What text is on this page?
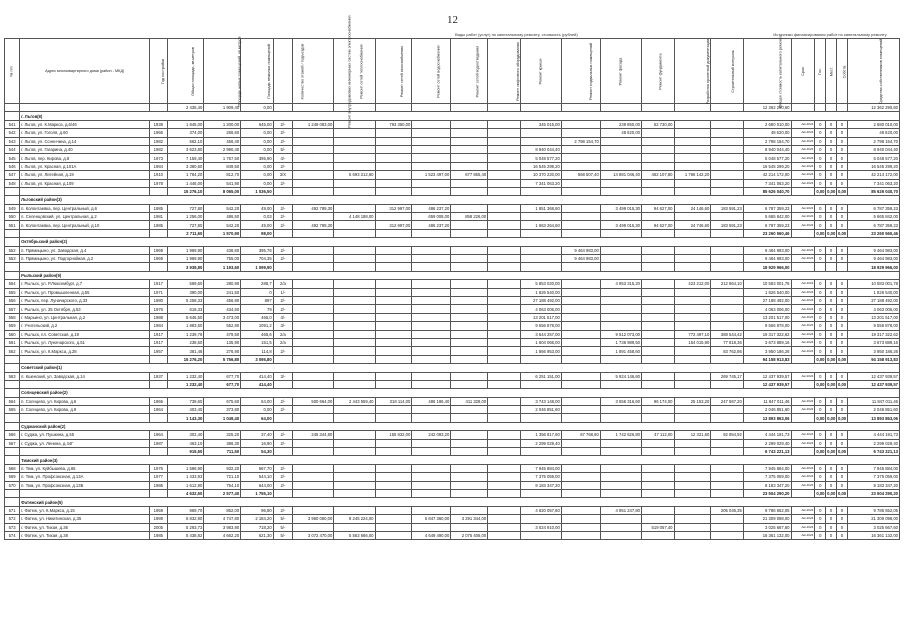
12
Виды работ (услуг) по капитальному ремонту, стоимость (рублей)	Источники финансирования работ по капитальному ремонту
№ п/п	Адрес многоквартирного дома (район - МКД)	Год постройки	Общая площадь, кв.метров	Площадь жилых помещений, кв.метров	Площадь нежилых помещений	Количество этажей / подъездов	Ремонт внутридомовых инженерных систем электроснабжения	Ремонт сетей теплоснабжения	Ремонт сетей газоснабжения	Ремонт сетей водоснабжения	Ремонт сетей водоотведения	Ремонт лифтового оборудования	Ремонт крыши	Ремонт подвальных помещений	Ремонт фасада	Ремонт фундамента	Разработка проектной документации	Строительный контроль	Общая стоимость капитального ремонта	Срок	Гос.	Мест.	Собств.	Средства собственников помещений
			2 435,40	1 909,40	0,00														12 362 290,60					12 362 290,60
	г. Льгов(8)																							
541	г. Льгов, ул. К.Маркса, д.6/46	1938	1 845,00	1 200,00	645,00	2/-	1 249 083,00		793 350,00				345 015,00		239 850,00	52 730,00			2 680 010,00	Авг.2024	0	0	0	2 680 010,00
542	г. Льгов, ул. Гоголя, д.60	1966	374,00	266,60	0,00	2/-									48 620,00				48 620,00	Авг.2024	0	0	0	48 620,00
543	г. Льгов, ул. Ссненчина, д.14	1982	562,10	456,40	0,00	2/-								2 798 154,70					2 798 154,70	Авг.2024	0	0	0	2 798 154,70
544	г. Льгов, ул. Гагарина, д.40	1982	3 623,80	2 990,40	0,00	5/-							8 940 044,40						8 940 044,40	Авг.2024	0	0	0	8 940 044,40
545	г. Льгов, пер. Кирова, д.8	1973	7 159,40	1 767,50	395,90	4/-							5 048 577,20						5 048 577,20	Авг.2024	0	0	0	5 048 577,20
546	г. Льгов, ул. Красная, д.101А	1984	3 380,60	849,50	0,00	2/-							16 545 299,20						16 545 299,20	Авг.2024	0	0	0	16 545 299,20
547	г. Льгов, ул. Литейная, д.19	1910	1 784,20	812,70	0,00	3/X		5 693 212,60		1 523 497,00	677 855,40		10 370 220,00	568 507,40	14 881 046,40	462 107,80	1 766 142,20		42 214 172,00	Авг.2024	0	0	0	42 214 172,00
548	г. Льгов, ул. Красная, д.109	1978	1 446,00	541,90	0,00	2/-							7 341 063,20						7 341 063,20	Авг.2024	0	0	0	7 341 063,20
			15 276,10	8 065,00	1 036,50														85 626 040,70		0,00	0,00	0,00	85 626 040,70
	Льговский район(3)																							
549	п. Колонтаевка, пер. Центральный, д.6	1985	727,80	542,20	49,00	2/-	492 789,30		312 997,00	486 237,20			1 851 368,60		3 499 015,30	94 627,00	24 146,60	183 591,23	6 787 359,23	Авг.2024	0	0	0	6 787 359,23
550	п. Селенцовский, ул. Центральная, д.2	1981	1 256,00	486,50	0,03	2/-		4 148 188,00		659 008,00	858 226,00								5 665 842,00	Авг.2024	0	0	0	5 665 842,00
551	п. Колонтаевка, пер. Центральный, д.10	1985	727,80	542,20	49,00	2/-	492 789,30		312 997,00	486 237,20			1 663 264,60		3 499 015,30	94 627,00	24 746,60	183 591,23	6 787 359,23	Авг.2024	0	0	0	6 787 359,23
			2 711,60	1 570,90	98,00														23 260 560,46		0,00	0,00	0,00	23 260 560,46
	Октябрьский район(2)																							
552	п. Прямицыно, ул. Заводская, д.4	1969	1 969,90	438,60	395,76	2/-								9 464 983,00					9 464 983,00	Авг.2024	0	0	0	9 464 983,00
553	п. Прямицыно, ул. Подгорнойкая, д.2	1969	1 969,90	755,00	704,35	2/-								9 464 983,00					9 464 983,00	Авг.2024	0	0	0	9 464 983,00
			3 939,80	1 193,60	1 099,90														18 929 966,00					18 929 966,00
	Рыльский район(9)																							
554	г. Рыльск, ул. Р.Люксембург, д.7	1917	569,60	280,90	288,7	2/a							5 853 020,00		4 953 315,20		423 212,00	212 864,10	10 583 001,78	Авг.2024	0	0	0	10 583 001,78
555	г. Рыльск, ул. Промышленная, д.55	1971	390,00	241,50	0	1/-							1 826 540,00						1 826 540,00	Авг.2024	0	0	0	1 826 540,00
556	г. Рыльск, пер. Луначарского, д.33	1980	5 258,33	456,90	897	2/-							27 188 492,00						27 188 492,00	Авг.2024	0	0	0	27 188 492,00
557	г. Рыльск, ул. 25 Октября, д.53	1976	619,33	434,50	79	2/-							4 063 006,00						4 063 006,00	Авг.2024	0	0	0	4 063 006,00
558	г. Марьино, ул. Центральная, д.2	1988	5 646,50	3 473,00	465,0	4/-							13 201 517,00						13 201 517,00	Авг.2024	0	0	0	13 201 517,00
559	г. Учительский, д.2	1984	1 883,50	552,80	1091,2	3/-							9 556 878,00						9 556 878,00	Авг.2024	0	0	0	9 556 878,00
560	г. Рыльск, пл. Советская, д.19	1917	1 239,76	479,50	465,6	2/a							3 644 257,00		9 512 073,00		772 497,10	388 544,42	19 317 322,62	Авг.2024	0	0	0	19 317 322,62
561	г. Рыльск, ул. Луначарского, д.51	1917	238,50	135,90	151,5	2/a							1 604 066,00		1 736 989,50		154 015,90	77 818,36	3 673 889,16	Авг.2024	0	0	0	3 673 889,16
562	г. Рыльск, ул. К.Маркса, д.28	1957	381,48	276,90	114,8	2/-							1 866 953,00		1 891 458,60			83 762,86	3 950 186,26	Авг.2024	0	0	0	3 950 186,26
			15 276,20	5 756,80	3 095,80														94 158 913,83		0,00	0,00	0,00	94 158 913,83
	Советский район(1)																							
563	п. Кшенский, ул. Заводская, д.14	1937	1 232,40	677,70	414,40	3/-							6 251 151,00		5 924 146,60			269 745,17	12 437 939,57	Авг.2024	0	0	0	12 437 939,57
			1 232,40	677,70	414,40														12 437 939,57		0,00	0,00	0,00	12 437 939,57
	Солнцевский район(2)																							
564	п. Солнцево, ул. Кирова, д.6	1966	739,60	675,60	64,00	2/-	500 664,00	2 443 559,40	318 114,00	486 186,40	411 328,00		3 743 148,00		3 556 316,60	96 174,00	25 153,20	247 567,20	11 847 011,46	Авг.2024	0	0	0	11 847 011,46
565	п. Солнцево, ул. Кирова, д.9	1964	403,40	373,80	0,00	2/-							2 046 851,60						2 046 851,60	Авг.2024	0	0	0	2 046 851,60
			1 143,30	1 049,40	64,00														13 893 863,06		0,00	0,00	0,00	13 893 863,06
	Суджанский район(2)																							
566	г. Суджа, ул. Пушкина, д.55	1964	302,40	325,20	37,40	2/-	245 344,80		155 832,00	242 083,20			1 356 817,60	67 768,60	1 742 626,80	47 112,00	12 321,60	92 854,92	4 444 191,73	Авг.2024	0	0	0	4 444 191,73
567	г. Суджа, ул. Ленина, д.44Г	1987	463,10	386,30	16,90	2/-							2 299 029,40						2 299 029,40	Авг.2024	0	0	0	2 299 029,40
			915,50	711,50	54,30														6 743 221,13		0,00	0,00	0,00	6 743 221,13
	Тимский район(3)																							
568	п. Тим, ул. Куйбышева, д.65	1976	1 586,90	932,20	567,70	2/-							7 945 884,00						7 945 884,00	Авг.2024	0	0	0	7 945 884,00
569	п. Тим, ул. Профсоюзная, д.13А	1977	1 433,93	721,10	544,10	2/-							7 375 059,00						7 375 059,00	Авг.2024	0	0	0	7 375 059,00
570	п. Тим, ул. Профсоюзная, д.13Б	1986	1 612,90	754,10	644,00	2/-							8 183 347,20						8 183 347,20	Авг.2024	0	0	0	8 183 347,20
			4 632,50	2 577,40	1 755,10														23 504 290,20		0,00	0,00	0,00	23 504 290,20
	Фатежский район(5)																							
571	г. Фатеж, ул. К.Маркса, д.15	1959	969,70	852,00	96,80	2/-							4 620 057,60		4 951 247,80			205 046,35	9 786 652,05	Авг.2024	0	0	0	9 786 652,05
572	г. Фатеж, ул. Никитинская, д.35	1989	6 832,90	4 747,80	2 184,20	5/-	3 960 060,00	8 245 224,00		5 847 360,00	3 291 344,00								21 309 098,00	Авг.2024	0	0	0	21 309 098,00
573	г. Фатеж, ул. Тихая, д.36	2005	5 293,73	3 983,90	718,20	5/-							3 024 910,00			519 057,40			3 025 667,60	Авг.2024	0	0	0	3 025 667,60
574	г. Фатеж, ул. Тихая, д.38	1985	5 438,82	4 662,20	621,30	5/-	3 072 470,00	5 563 666,00		4 649 490,00	2 075 406,00								16 361 132,00	Авг.2024	0	0	0	16 361 132,00
